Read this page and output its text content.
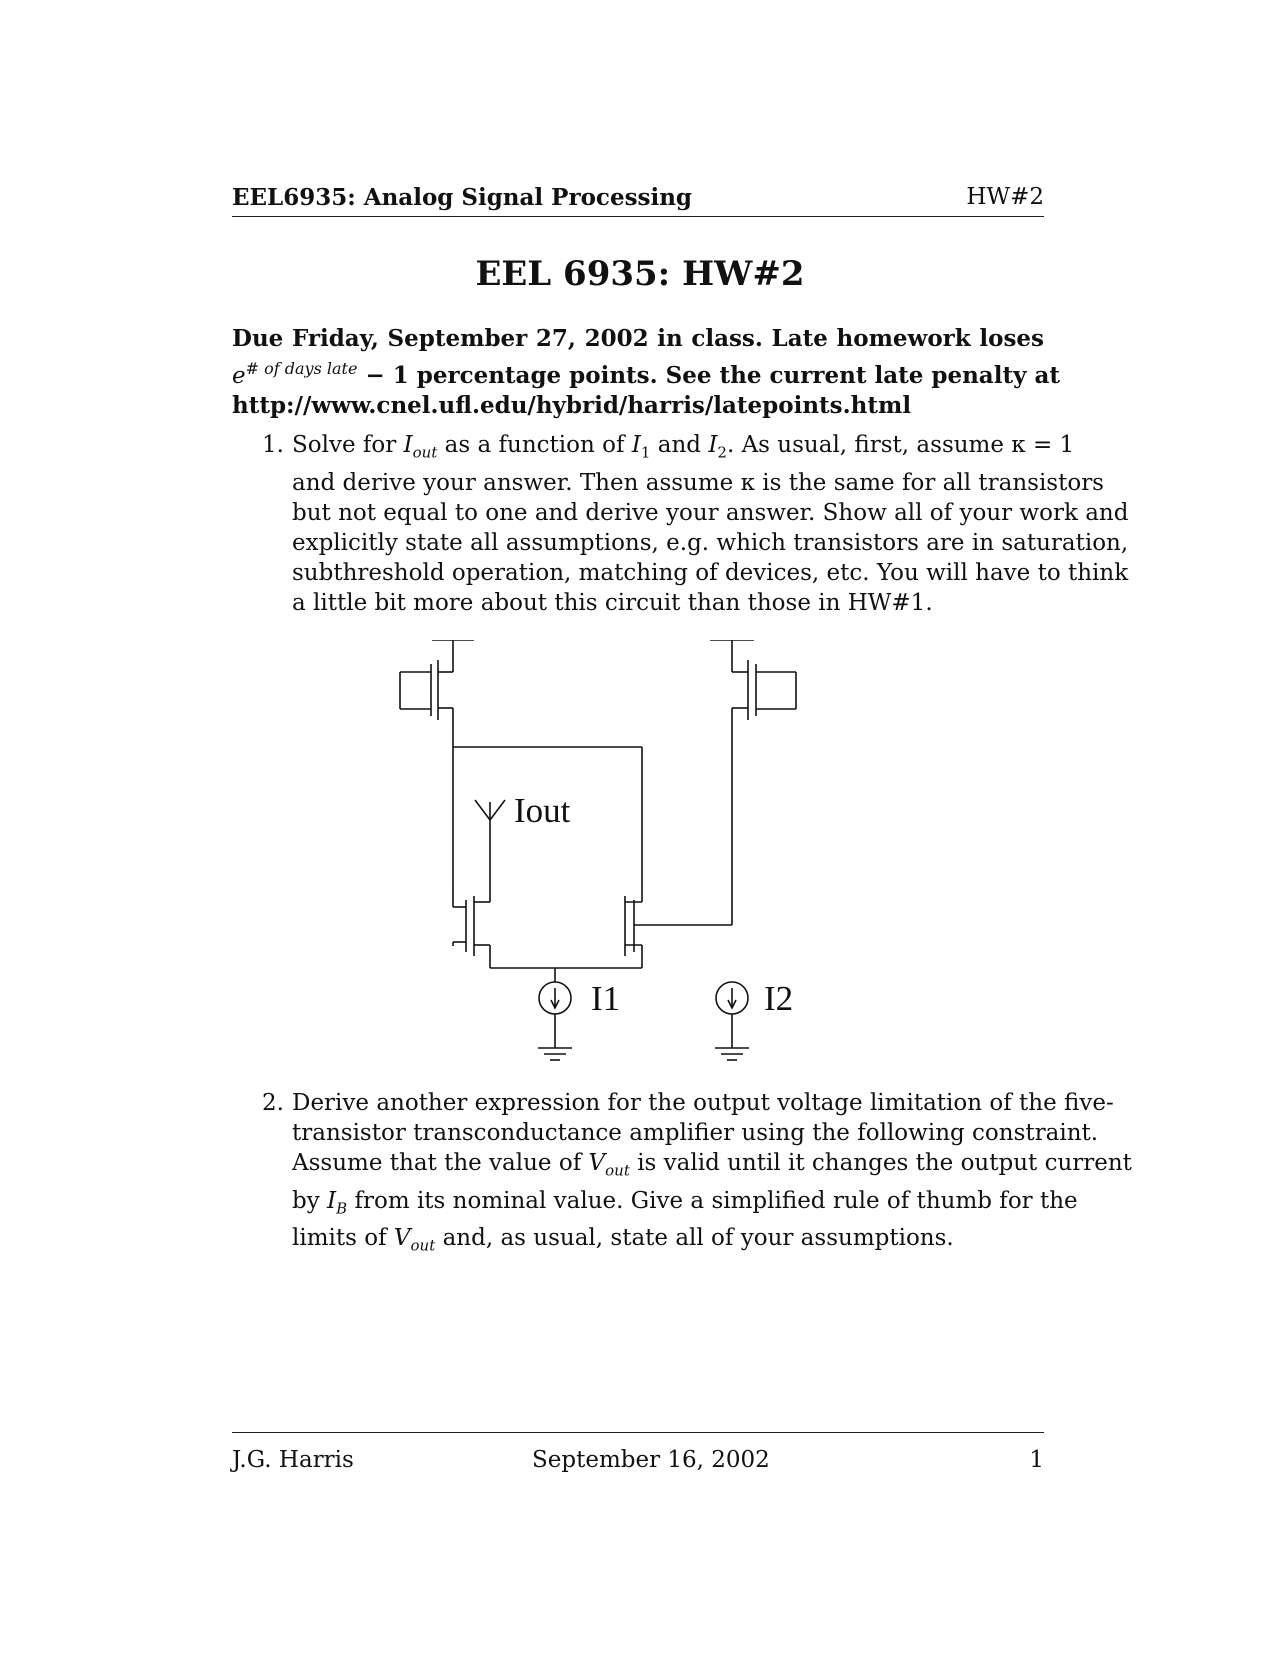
EEL6935: Analog Signal Processing	HW#2
EEL 6935: HW#2
Due Friday, September 27, 2002 in class. Late homework loses
$e^{\# of days late} - 1$ percentage points. See the current late penalty at
http://www.cnel.ufl.edu/hybrid/harris/latepoints.html
1. Solve for $I_{out}$ as a function of $I_1$ and $I_2$. As usual, first, assume κ = 1
and derive your answer. Then assume κ is the same for all transistors
but not equal to one and derive your answer. Show all of your work and
explicitly state all assumptions, e.g. which transistors are in saturation,
subthreshold operation, matching of devices, etc. You will have to think
a little bit more about this circuit than those in HW#1.
Iout
I1	I2
2. Derive another expression for the output voltage limitation of the five-
transistor transconductance amplifier using the following constraint.
Assume that the value of $V_{out}$ is valid until it changes the output current
by $I_B$ from its nominal value. Give a simplified rule of thumb for the
limits of $V_{out}$ and, as usual, state all of your assumptions.
J.G. Harris	September 16, 2002	1
